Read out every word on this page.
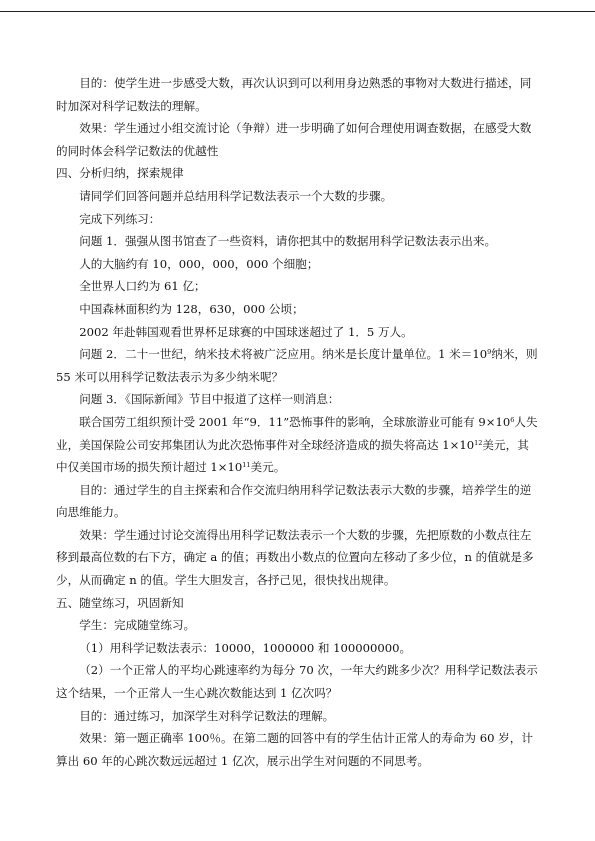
目的：使学生进一步感受大数，再次认识到可以利用身边熟悉的事物对大数进行描述，同时加深对科学记数法的理解。

效果：学生通过小组交流讨论（争辩）进一步明确了如何合理使用调查数据，在感受大数的同时体会科学记数法的优越性

四、分析归纳，探索规律

请同学们回答问题并总结用科学记数法表示一个大数的步骤。

完成下列练习：

问题 1．强强从图书馆查了一些资料，请你把其中的数据用科学记数法表示出来。

人的大脑约有 10，000，000，000 个细胞；

全世界人口约为 61 亿；

中国森林面积约为 128，630，000 公顷；

2002 年赴韩国观看世界杯足球赛的中国球迷超过了 1．5 万人。

问题 2．二十一世纪，纳米技术将被广泛应用。纳米是长度计量单位。1 米$=10^9$纳米，则 55 米可以用科学记数法表示为多少纳米呢？

问题 3．《国际新闻》节目中报道了这样一则消息：

联合国劳工组织预计受 2001 年“9．11”恐怖事件的影响，全球旅游业可能有 $9\times 10^6$人失业，美国保险公司安邦集团认为此次恐怖事件对全球经济造成的损失将高达 $1\times 10^{12}$美元，其中仅美国市场的损失预计超过 $1\times 10^{11}$美元。

目的：通过学生的自主探索和合作交流归纳用科学记数法表示大数的步骤，培养学生的逆向思维能力。

效果：学生通过讨论交流得出用科学记数法表示一个大数的步骤，先把原数的小数点往左移到最高位数的右下方，确定 a 的值；再数出小数点的位置向左移动了多少位，n 的值就是多少，从而确定 n 的值。学生大胆发言，各抒己见，很快找出规律。

五、随堂练习，巩固新知

学生：完成随堂练习。

（1）用科学记数法表示：10000，1000000 和 100000000。

（2）一个正常人的平均心跳速率约为每分 70 次，一年大约跳多少次？用科学记数法表示这个结果，一个正常人一生心跳次数能达到 1 亿次吗？

目的：通过练习，加深学生对科学记数法的理解。

效果：第一题正确率 100％。在第二题的回答中有的学生估计正常人的寿命为 60 岁，计算出 60 年的心跳次数远远超过 1 亿次，展示出学生对问题的不同思考。
